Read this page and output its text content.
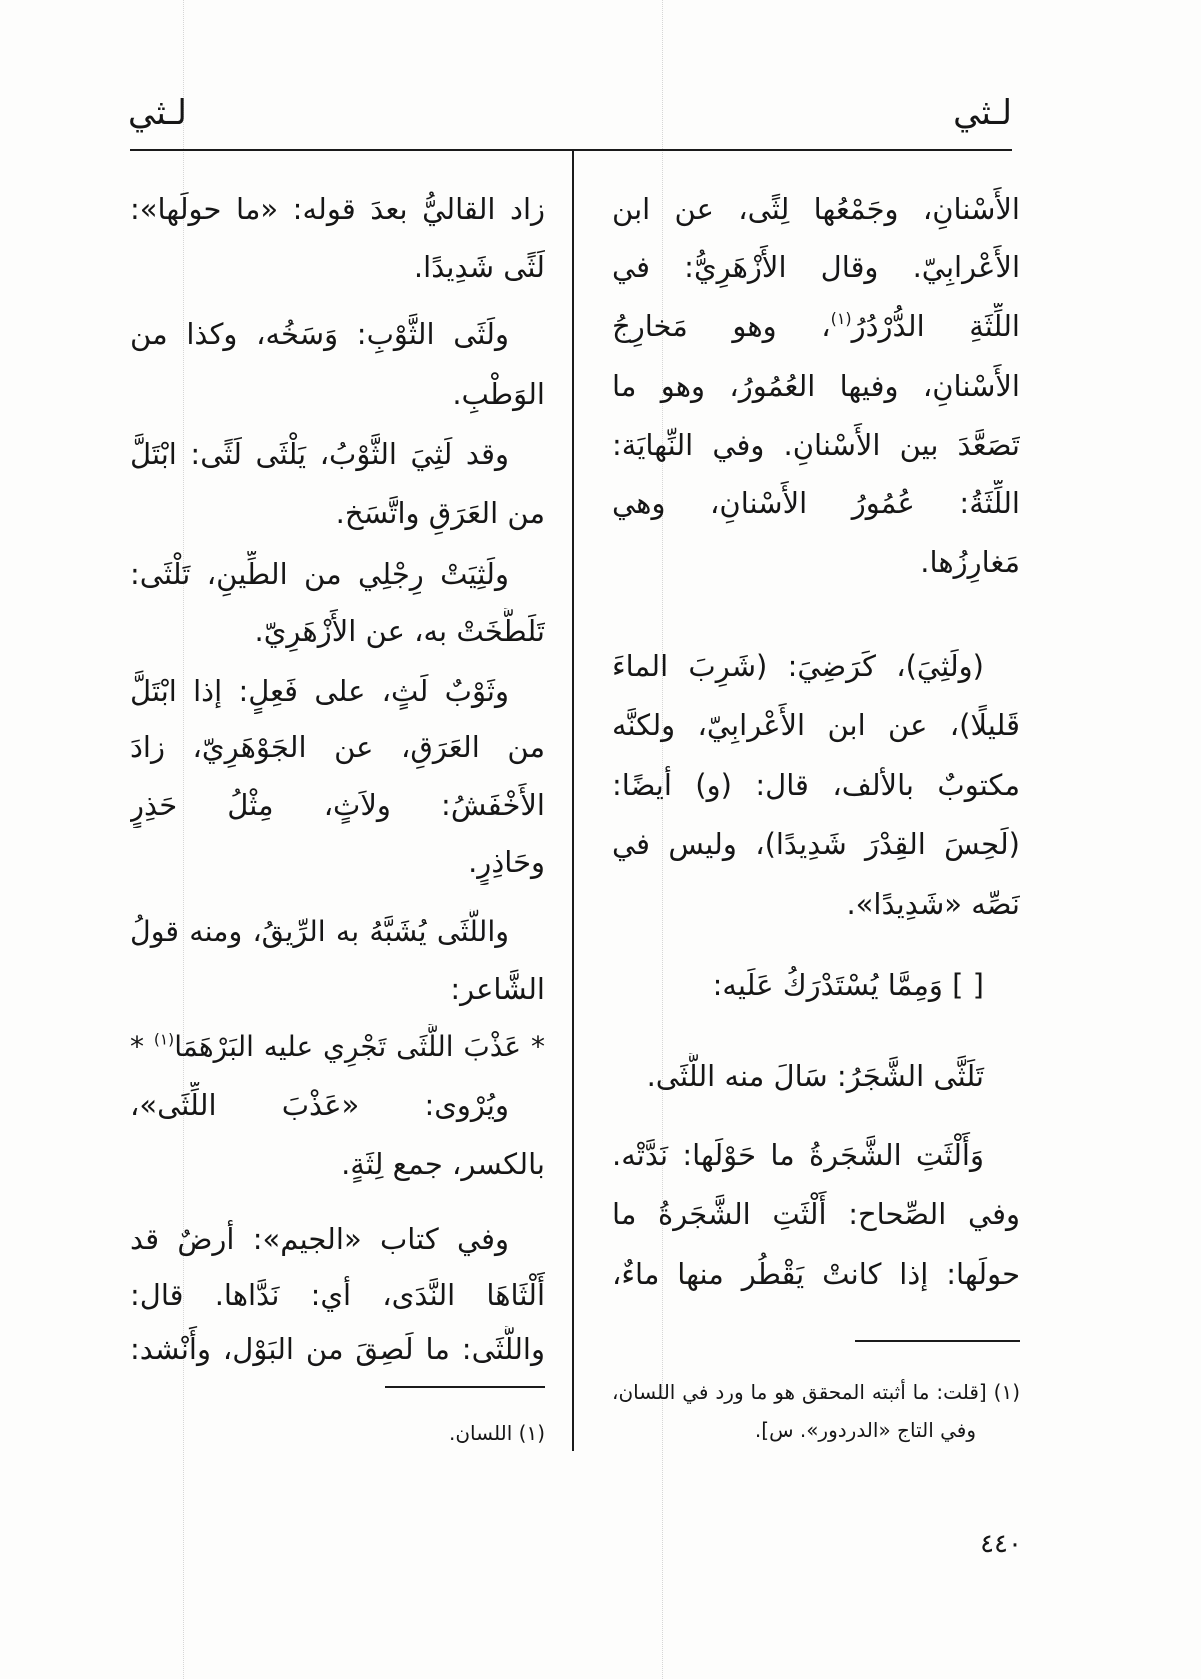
لـثي
لـثي
الأَسْنانِ، وجَمْعُها لِثًى، عن ابن
الأَعْرابِيّ. وقال الأَزْهَرِيُّ: في
اللِّثَةِ الدُّرْدُرُ$^{(١)}$، وهو مَخارِجُ
الأَسْنانِ، وفيها العُمُورُ، وهو ما
تَصَعَّدَ بين الأَسْنانِ. وفي النِّهايَة:
اللِّثَةُ: عُمُورُ الأَسْنانِ، وهي
مَغارِزُها.
(ولَثِيَ)، كَرَضِيَ: (شَرِبَ الماءَ
قَليلًا)، عن ابن الأَعْرابِيّ، ولكنَّه
مكتوبٌ بالألف، قال: (و) أيضًا:
(لَحِسَ القِدْرَ شَدِيدًا)، وليس في
نَصِّه «شَدِيدًا».
[ ] وَمِمَّا يُسْتَدْرَكُ عَلَيه:
تَلَثَّى الشَّجَرُ: سَالَ منه اللَّثَى.
وَأَلْثَتِ الشَّجَرةُ ما حَوْلَها: نَدَّتْه.
وفي الصِّحاح: أَلْثَتِ الشَّجَرةُ ما
حولَها: إذا كانتْ يَقْطُر منها ماءٌ،
(١) [قلت: ما أثبته المحقق هو ما ورد في اللسان،
وفي التاج «الدردور». س].
زاد القاليُّ بعدَ قوله: «ما حولَها»:
لَثًى شَدِيدًا.
ولَثَى الثَّوْبِ: وَسَخُه، وكذا من
الوَطْبِ.
وقد لَثِيَ الثَّوْبُ، يَلْثَى لَثًى: ابْتَلَّ
من العَرَقِ واتَّسَخ.
ولَثِيَتْ رِجْلِي من الطِّينِ، تَلْثَى:
تَلَطَّخَتْ به، عن الأَزْهَرِيّ.
وثَوْبٌ لَثٍ، على فَعِلٍ: إذا ابْتَلَّ
من العَرَقِ، عن الجَوْهَرِيّ، زادَ
الأَخْفَشُ: ولاَثٍ، مِثْلُ حَذِرٍ
وحَاذِرٍ.
واللَّثَى يُشَبَّهُ به الرِّيقُ، ومنه قولُ
الشَّاعر:
* عَذْبَ اللَّثَى تَجْرِي عليه البَرْهَمَا$^{(١)}$ *
ويُرْوى: «عَذْبَ اللِّثَى»،
بالكسر، جمع لِثَةٍ.
وفي كتاب «الجيم»: أرضٌ قد
أَلْثَاهَا النَّدَى، أي: نَدَّاها. قال:
واللَّثَى: ما لَصِقَ من البَوْل، وأَنْشد:
(١) اللسان.
٤٤٠
